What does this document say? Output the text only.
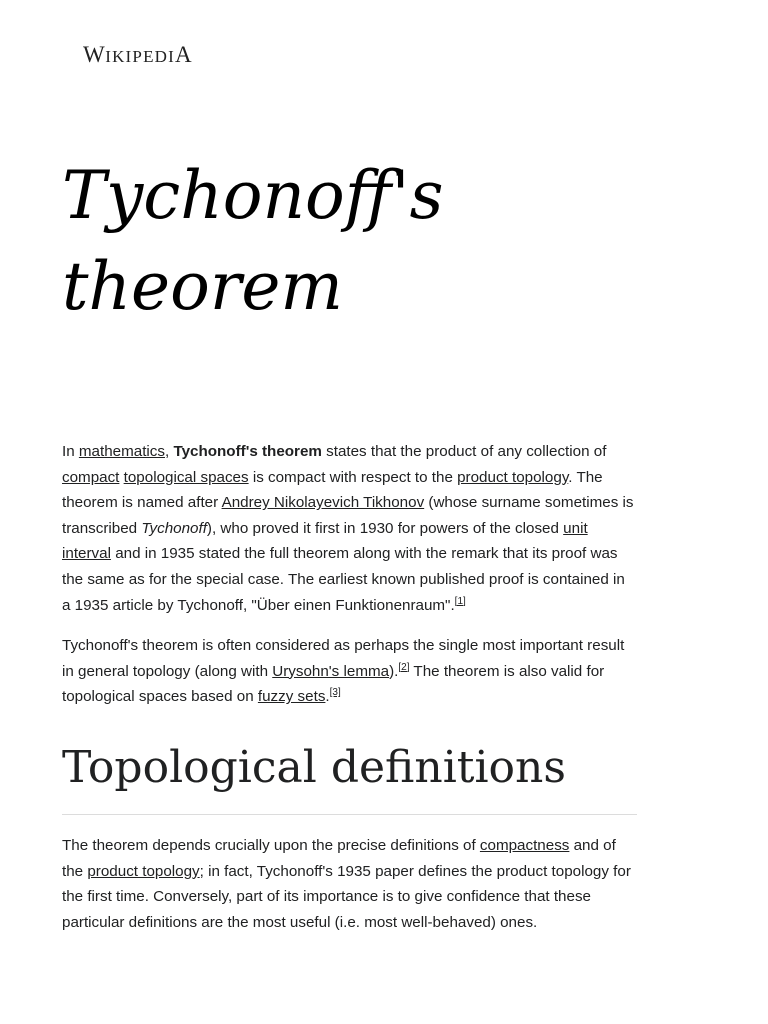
WIKIPEDIA
Tychonoff's theorem

In mathematics, Tychonoff's theorem states that the product of any collection of compact topological spaces is compact with respect to the product topology. The theorem is named after Andrey Nikolayevich Tikhonov (whose surname sometimes is transcribed Tychonoff), who proved it first in 1930 for powers of the closed unit interval and in 1935 stated the full theorem along with the remark that its proof was the same as for the special case. The earliest known published proof is contained in a 1935 article by Tychonoff, "Über einen Funktionenraum".[1]

Tychonoff's theorem is often considered as perhaps the single most important result in general topology (along with Urysohn's lemma).[2] The theorem is also valid for topological spaces based on fuzzy sets.[3]

Topological definitions

The theorem depends crucially upon the precise definitions of compactness and of the product topology; in fact, Tychonoff's 1935 paper defines the product topology for the first time. Conversely, part of its importance is to give confidence that these particular definitions are the most useful (i.e. most well-behaved) ones.
